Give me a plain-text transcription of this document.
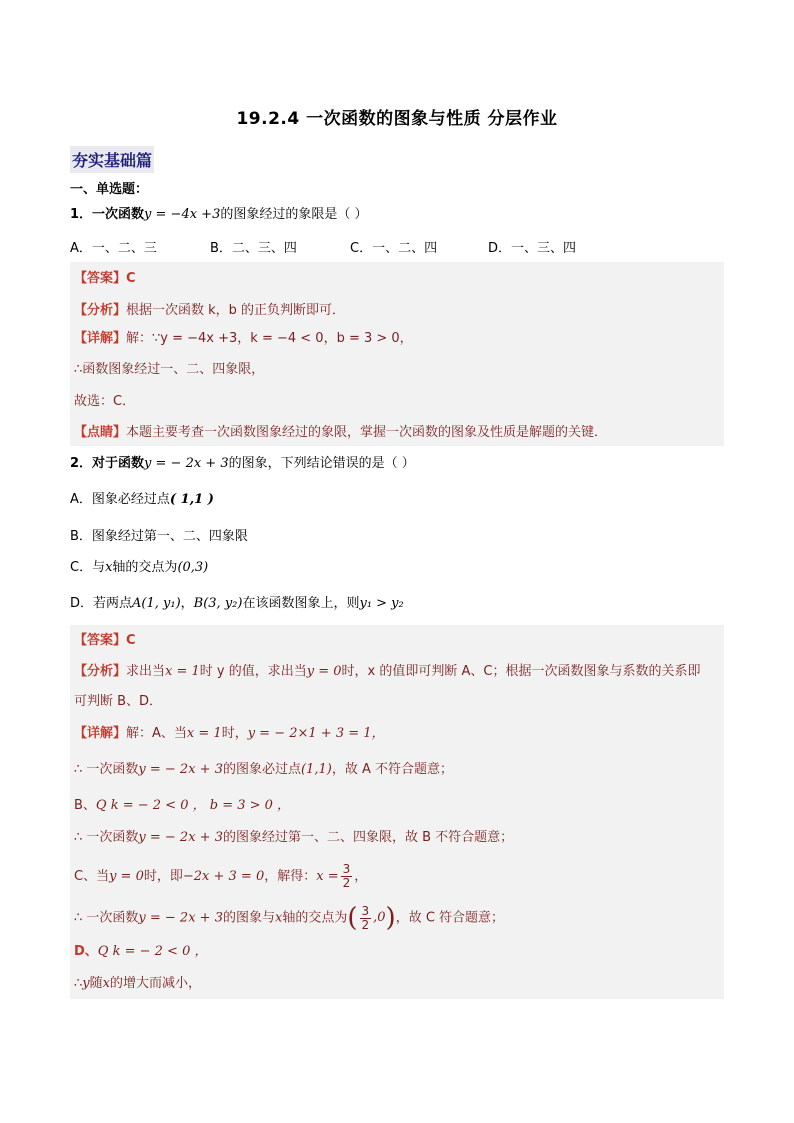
19.2.4 一次函数的图象与性质 分层作业
夯实基础篇
一、单选题：
1．一次函数y = −4x +3的图象经过的象限是（ ）
A．一、二、三	B．二、三、四	C．一、二、四	D．一、三、四
【答案】C
【分析】根据一次函数 k，b 的正负判断即可．
【详解】解：∵y = −4x +3，k = −4 < 0，b = 3 > 0，
∴函数图象经过一、二、四象限，
故选：C．
【点睛】本题主要考查一次函数图象经过的象限，掌握一次函数的图象及性质是解题的关键．
2．对于函数y = − 2x + 3的图象，下列结论错误的是（ ）
A．图象必经过点( 1,1 )
B．图象经过第一、二、四象限
C．与x轴的交点为(0,3)
D．若两点A(1, y₁)，B(3, y₂)在该函数图象上，则y₁ > y₂
【答案】C
【分析】求出当x = 1时 y 的值，求出当y = 0时，x 的值即可判断 A、C；根据一次函数图象与系数的关系即
可判断 B、D．
【详解】解：A、当x = 1时，y = − 2×1 + 3 = 1，
∴ 一次函数y = − 2x + 3的图象必过点(1,1)，故 A 不符合题意；
B、Q k = − 2 < 0 ， b = 3 > 0 ，
∴ 一次函数y = − 2x + 3的图象经过第一、二、四象限，故 B 不符合题意；
C、当y = 0时，即−2x + 3 = 0，解得：$x = \frac{3}{2}$ ，
∴ 一次函数y = − 2x + 3的图象与x轴的交点为 ( $\frac{3}{2} ,0$ ) ，故 C 符合题意；
D、Q k = − 2 < 0 ，
∴y随x的增大而减小，
